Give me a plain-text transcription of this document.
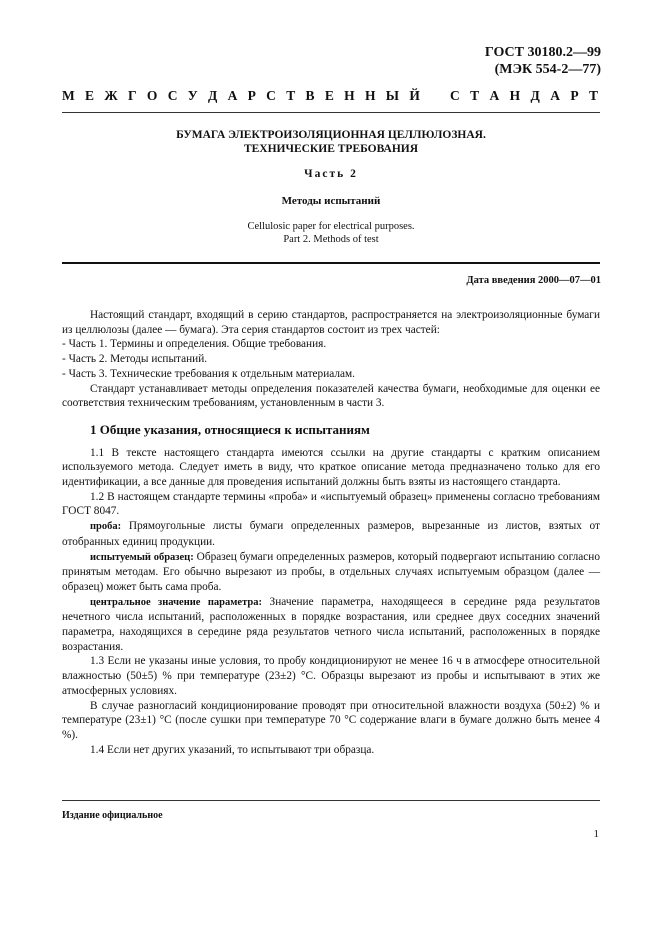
ГОСТ 30180.2—99
(МЭК 554-2—77)
М Е Ж Г О С У Д А Р С Т В Е Н Н Ы Й С Т А Н Д А Р Т
БУМАГА ЭЛЕКТРОИЗОЛЯЦИОННАЯ ЦЕЛЛЮЛОЗНАЯ.
ТЕХНИЧЕСКИЕ ТРЕБОВАНИЯ
Часть 2
Методы испытаний
Cellulosic paper for electrical purposes.
Part 2. Methods of test
Дата введения 2000—07—01

Настоящий стандарт, входящий в серию стандартов, распространяется на электроизоляционные бумаги из целлюлозы (далее — бумага). Эта серия стандартов состоит из трех частей:

- Часть 1. Термины и определения. Общие требования.

- Часть 2. Методы испытаний.

- Часть 3. Технические требования к отдельным материалам.

Стандарт устанавливает методы определения показателей качества бумаги, необходимые для оценки ее соответствия техническим требованиям, установленным в части 3.

1 Общие указания, относящиеся к испытаниям

1.1 В тексте настоящего стандарта имеются ссылки на другие стандарты с кратким описанием используемого метода. Следует иметь в виду, что краткое описание метода предназначено только для его идентификации, а все данные для проведения испытаний должны быть взяты из настоящего стандарта.

1.2 В настоящем стандарте термины «проба» и «испытуемый образец» применены согласно требованиям ГОСТ 8047.

проба: Прямоугольные листы бумаги определенных размеров, вырезанные из листов, взятых от отобранных единиц продукции.

испытуемый образец: Образец бумаги определенных размеров, который подвергают испытанию согласно принятым методам. Его обычно вырезают из пробы, в отдельных случаях испытуемым образцом (далее — образец) может быть сама проба.

центральное значение параметра: Значение параметра, находящееся в середине ряда результатов нечетного числа испытаний, расположенных в порядке возрастания, или среднее двух соседних значений параметра, находящихся в середине ряда результатов четного числа испытаний, расположенных в порядке возрастания.

1.3 Если не указаны иные условия, то пробу кондиционируют не менее 16 ч в атмосфере относительной влажностью (50±5) % при температуре (23±2) °С. Образцы вырезают из пробы и испытывают в этих же атмосферных условиях.

В случае разногласий кондиционирование проводят при относительной влажности воздуха (50±2) % и температуре (23±1) °С (после сушки при температуре 70 °С содержание влаги в бумаге должно быть менее 4 %).

1.4 Если нет других указаний, то испытывают три образца.

Издание официальное
1
